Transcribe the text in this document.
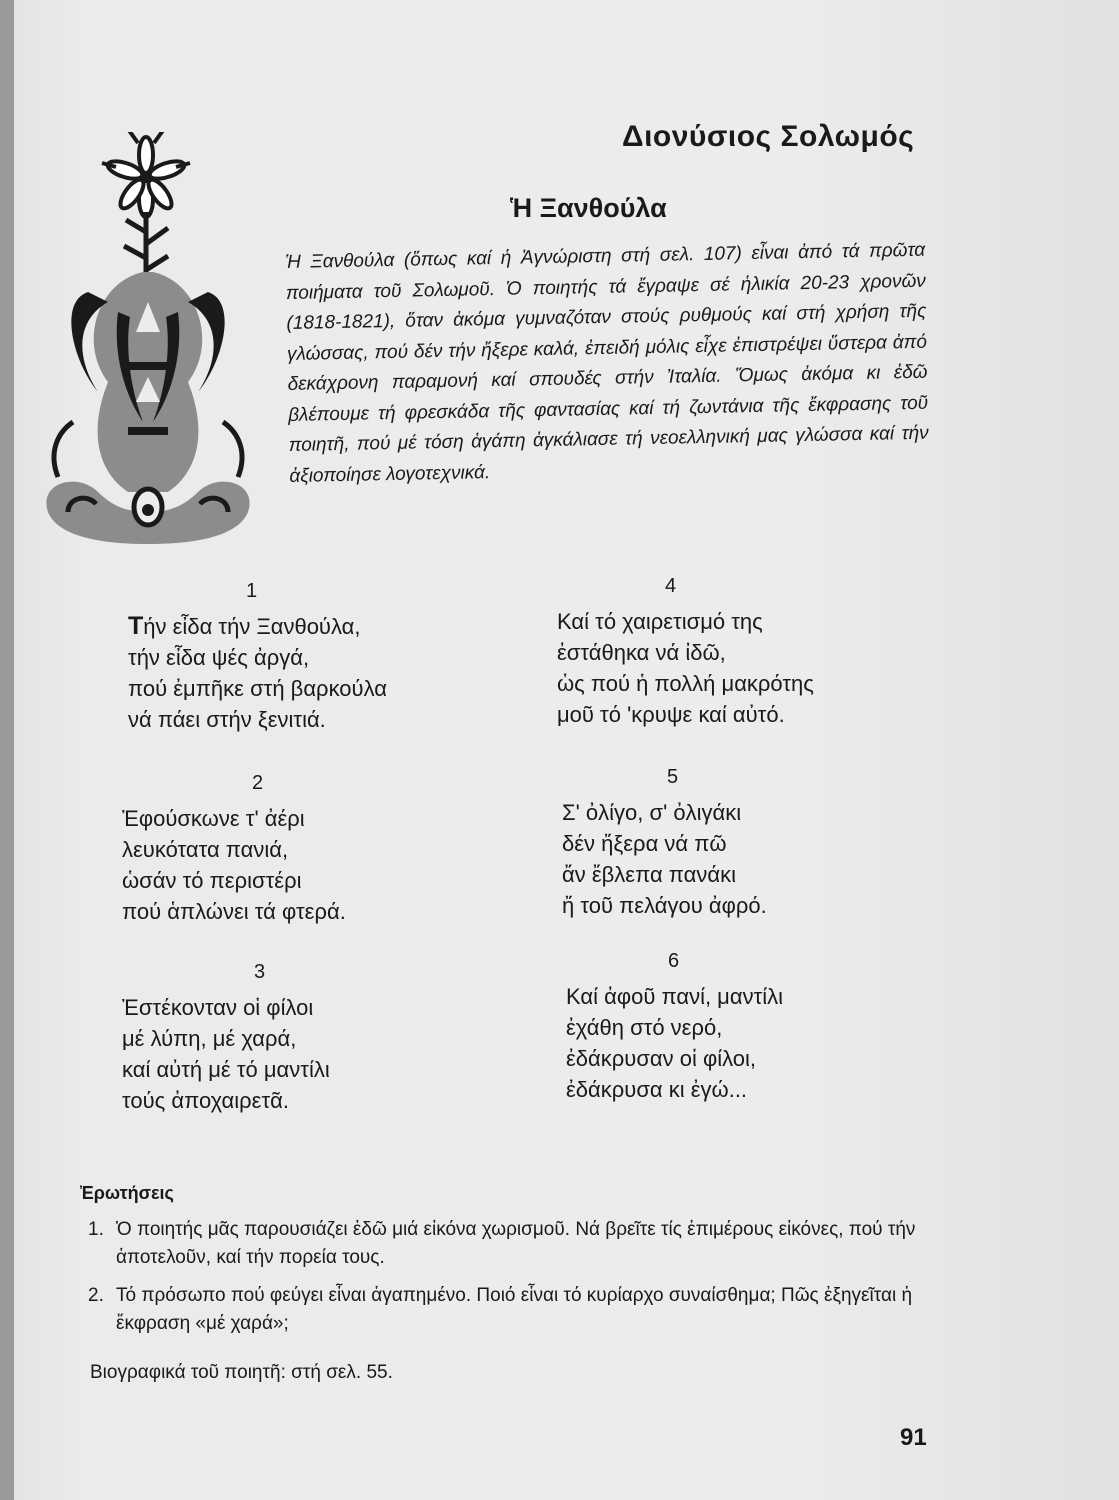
Διονύσιος Σολωμός
Ἡ Ξανθούλα
Ἡ Ξανθούλα (ὅπως καί ἡ Ἀγνώριστη στή σελ. 107) εἶναι ἀπό τά πρῶτα ποιήματα τοῦ Σολωμοῦ. Ὁ ποιητής τά ἔγραψε σέ ἡλικία 20-23 χρονῶν (1818-1821), ὅταν ἀκόμα γυμναζόταν στούς ρυθμούς καί στή χρήση τῆς γλώσσας, πού δέν τήν ἤξερε καλά, ἐπειδή μόλις εἶχε ἐπιστρέψει ὕστερα ἀπό δεκάχρονη παραμονή καί σπουδές στήν Ἰταλία. Ὅμως ἀκόμα κι ἐδῶ βλέπουμε τή φρεσκάδα τῆς φαντασίας καί τή ζωντάνια τῆς ἔκφρασης τοῦ ποιητῆ, πού μέ τόση ἀγάπη ἀγκάλιασε τή νεοελληνική μας γλώσσα καί τήν ἀξιοποίησε λογοτεχνικά.
1
Τήν εἶδα τήν Ξανθούλα,
τήν εἶδα ψές ἀργά,
πού ἐμπῆκε στή βαρκούλα
νά πάει στήν ξενιτιά.
2
Ἐφούσκωνε τ' ἀέρι
λευκότατα πανιά,
ὡσάν τό περιστέρι
πού ἁπλώνει τά φτερά.
3
Ἐστέκονταν οἱ φίλοι
μέ λύπη, μέ χαρά,
καί αὐτή μέ τό μαντίλι
τούς ἀποχαιρετᾶ.
4
Καί τό χαιρετισμό της
ἐστάθηκα νά ἰδῶ,
ὡς πού ἡ πολλή μακρότης
μοῦ τό 'κρυψε καί αὐτό.
5
Σ' ὀλίγο, σ' ὀλιγάκι
δέν ἤξερα νά πῶ
ἄν ἔβλεπα πανάκι
ἤ τοῦ πελάγου ἀφρό.
6
Καί ἀφοῦ πανί, μαντίλι
ἐχάθη στό νερό,
ἐδάκρυσαν οἱ φίλοι,
ἐδάκρυσα κι ἐγώ...
Ἐρωτήσεις
1. Ὁ ποιητής μᾶς παρουσιάζει ἐδῶ μιά εἰκόνα χωρισμοῦ. Νά βρεῖτε τίς ἐπιμέρους εἰκόνες, πού τήν ἀποτελοῦν, καί τήν πορεία τους.
2. Τό πρόσωπο πού φεύγει εἶναι ἀγαπημένο. Ποιό εἶναι τό κυρίαρχο συναίσθημα; Πῶς ἐξηγεῖται ἡ ἔκφραση «μέ χαρά»;
Βιογραφικά τοῦ ποιητῆ: στή σελ. 55.
91
